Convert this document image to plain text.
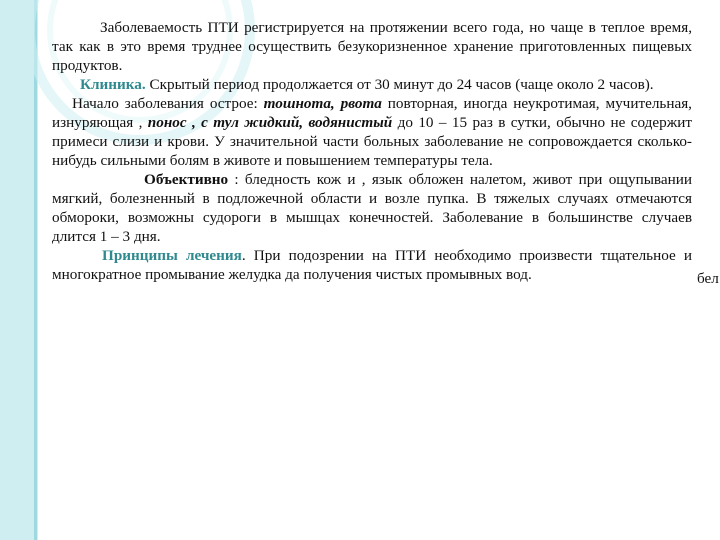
Заболеваемость ПТИ регистрируется на протяжении всего года, но чаще в теплое время, так как в это время труднее осуществить безукоризненное хранение приготовленных пищевых продуктов.

Клиника. Скрытый период продолжается от 30 минут до 24 часов (чаще около 2 часов).

Начало заболевания острое: тошнота, рвота повторная, иногда неукротимая, мучительная, изнуряющая , понос , с тул жидкий, водянистый до 10 – 15 раз в сутки, обычно не содержит примеси слизи и крови. У значительной части больных заболевание не сопровождается сколько-нибудь сильными болям в животе и повышением температуры тела.

Объективно : бледность кож и , язык обложен налетом, живот при ощупывании мягкий, болезненный в подложечной области и возле пупка. В тяжелых случаях отмечаются обмороки, возможны судороги в мышцах конечностей. Заболевание в большинстве случаев длится 1 – 3 дня.

Принципы лечения. При подозрении на ПТИ необходимо произвести тщательное и многократное промывание желудка да получения чистых промывных вод.	бел
